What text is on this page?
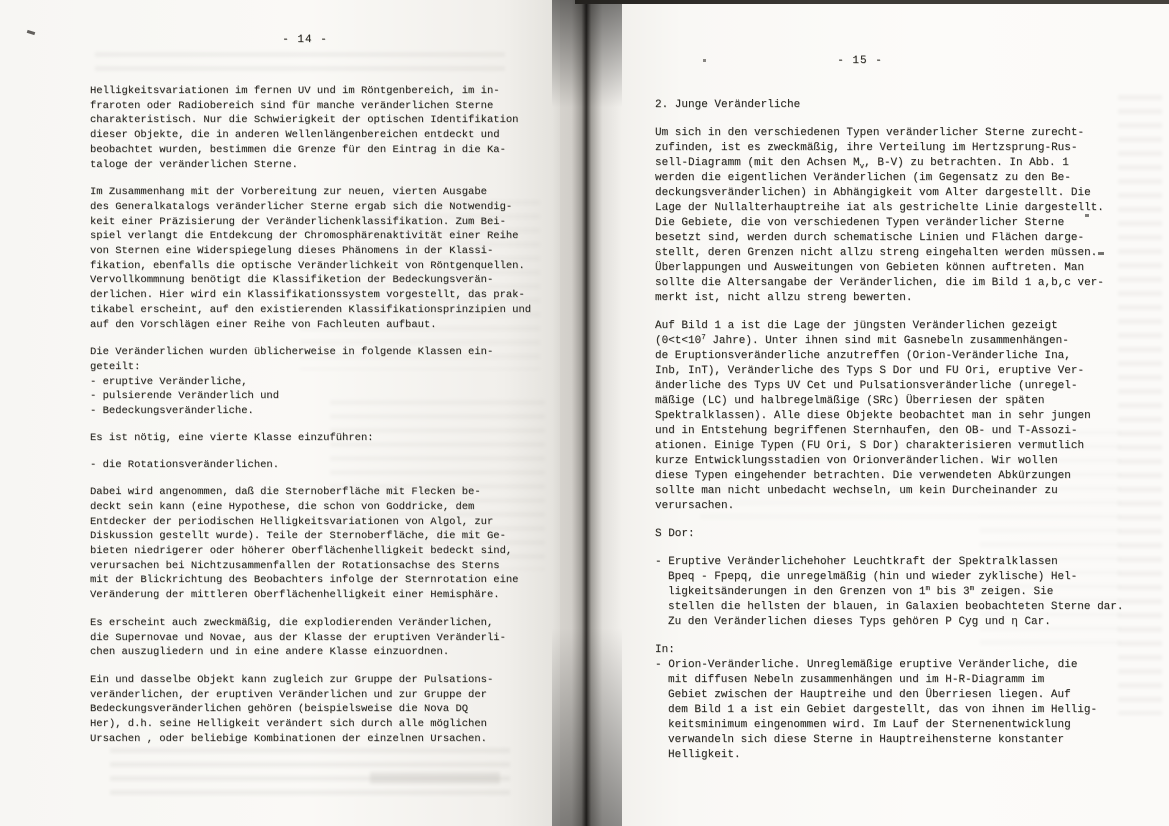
- 14 -

Helligkeitsvariationen im fernen UV und im Röntgenbereich, im in-
fraroten oder Radiobereich sind für manche veränderlichen Sterne
charakteristisch. Nur die Schwierigkeit der optischen Identifikation
dieser Objekte, die in anderen Wellenlängenbereichen entdeckt und
beobachtet wurden, bestimmen die Grenze für den Eintrag in die Ka-
taloge der veränderlichen Sterne.

Im Zusammenhang mit der Vorbereitung zur neuen, vierten Ausgabe
des Generalkatalogs veränderlicher Sterne ergab sich die Notwendig-
keit einer Präzisierung der Veränderlichenklassifikation. Zum Bei-
spiel verlangt die Entdekcung der Chromosphärenaktivität einer Reihe
von Sternen eine Widerspiegelung dieses Phänomens in der Klassi-
fikation, ebenfalls die optische Veränderlichkeit von Röntgenquellen.
Vervollkommnung benötigt die Klassifiketion der Bedeckungsverän-
derlichen. Hier wird ein Klassifikationssystem vorgestellt, das prak-
tikabel erscheint, auf den existierenden Klassifikationsprinzipien und
auf den Vorschlägen einer Reihe von Fachleuten aufbaut.

Die Veränderlichen wurden üblicherweise in folgende Klassen ein-
geteilt:

- eruptive Veränderliche,
- pulsierende Veränderlich und
- Bedeckungsveränderliche.

Es ist nötig, eine vierte Klasse einzuführen:

- die Rotationsveränderlichen.

Dabei wird angenommen, daß die Sternoberfläche mit Flecken be-
deckt sein kann (eine Hypothese, die schon von Goddricke, dem
Entdecker der periodischen Helligkeitsvariationen von Algol, zur
Diskussion gestellt wurde). Teile der Sternoberfläche, die mit Ge-
bieten niedrigerer oder höherer Oberflächenhelligkeit bedeckt sind,
verursachen bei Nichtzusammenfallen der Rotationsachse des Sterns
mit der Blickrichtung des Beobachters infolge der Sternrotation eine
Veränderung der mittleren Oberflächenhelligkeit einer Hemisphäre.

Es erscheint auch zweckmäßig, die explodierenden Veränderlichen,
die Supernovae und Novae, aus der Klasse der eruptiven Veränderli-
chen auszugliedern und in eine andere Klasse einzuordnen.

Ein und dasselbe Objekt kann zugleich zur Gruppe der Pulsations-
veränderlichen, der eruptiven Veränderlichen und zur Gruppe der
Bedeckungsveränderlichen gehören (beispielsweise die Nova DQ
Her), d.h. seine Helligkeit verändert sich durch alle möglichen
Ursachen , oder beliebige Kombinationen der einzelnen Ursachen.

- 15 -

2. Junge Veränderliche

Um sich in den verschiedenen Typen veränderlicher Sterne zurecht-
zufinden, ist es zweckmäßig, ihre Verteilung im Hertzsprung-Rus-
sell-Diagramm (mit den Achsen $M_v$, B-V) zu betrachten. In Abb. 1
werden die eigentlichen Veränderlichen (im Gegensatz zu den Be-
deckungsveränderlichen) in Abhängigkeit vom Alter dargestellt. Die
Lage der Nullalterhauptreihe iat als gestrichelte Linie dargestellt.
Die Gebiete, die von verschiedenen Typen veränderlicher Sterne
besetzt sind, werden durch schematische Linien und Flächen darge-
stellt, deren Grenzen nicht allzu streng eingehalten werden müssen.
Überlappungen und Ausweitungen von Gebieten können auftreten. Man
sollte die Altersangabe der Veränderlichen, die im Bild 1 a,b,c ver-
merkt ist, nicht allzu streng bewerten.

Auf Bild 1 a ist die Lage der jüngsten Veränderlichen gezeigt
($0<t<10^7$ Jahre). Unter ihnen sind mit Gasnebeln zusammenhängen-
de Eruptionsveränderliche anzutreffen (Orion-Veränderliche Ina,
Inb, InT), Veränderliche des Typs S Dor und FU Ori, eruptive Ver-
änderliche des Typs UV Cet und Pulsationsveränderliche (unregel-
mäßige (LC) und halbregelmäßige (SRc) Überriesen der späten
Spektralklassen). Alle diese Objekte beobachtet man in sehr jungen
und in Entstehung begriffenen Sternhaufen, den OB- und T-Assozi-
ationen. Einige Typen (FU Ori, S Dor) charakterisieren vermutlich
kurze Entwicklungsstadien von Orionveränderlichen. Wir wollen
diese Typen eingehender betrachten. Die verwendeten Abkürzungen
sollte man nicht unbedacht wechseln, um kein Durcheinander zu
verursachen.

S Dor:

- Eruptive Veränderlichehoher Leuchtkraft der Spektralklassen
Bpeq - Fpepq, die unregelmäßig (hin und wieder zyklische) Hel-
ligkeitsänderungen in den Grenzen von 1$^m$ bis 3$^m$ zeigen. Sie
stellen die hellsten der blauen, in Galaxien beobachteten Sterne dar.
Zu den Veränderlichen dieses Typs gehören P Cyg und η Car.

In:

- Orion-Veränderliche. Unreglemäßige eruptive Veränderliche, die
mit diffusen Nebeln zusammenhängen und im H-R-Diagramm im
Gebiet zwischen der Hauptreihe und den Überriesen liegen. Auf
dem Bild 1 a ist ein Gebiet dargestellt, das von ihnen im Hellig-
keitsminimum eingenommen wird. Im Lauf der Sternenentwicklung
verwandeln sich diese Sterne in Hauptreihensterne konstanter
Helligkeit.
